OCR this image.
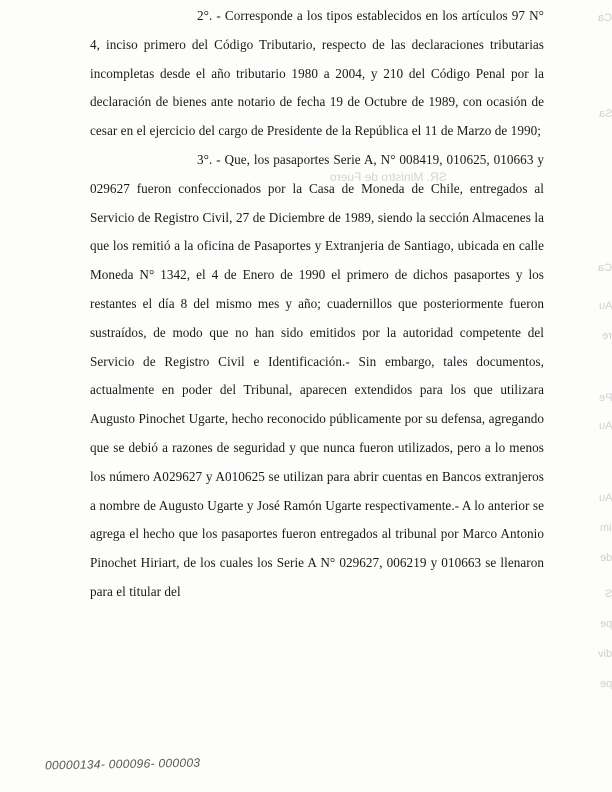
2°. - Corresponde a los tipos establecidos en los artículos 97 N° 4, inciso primero del Código Tributario, respecto de las declaraciones tributarias incompletas desde el año tributario 1980 a 2004, y 210 del Código Penal por la declaración de bienes ante notario de fecha 19 de Octubre de 1989, con ocasión de cesar en el ejercicio del cargo de Presidente de la República el 11 de Marzo de 1990;

3°. - Que, los pasaportes Serie A, N° 008419, 010625, 010663 y 029627 fueron confeccionados por la Casa de Moneda de Chile, entregados al Servicio de Registro Civil, 27 de Diciembre de 1989, siendo la sección Almacenes la que los remitió a la oficina de Pasaportes y Extranjeria de Santiago, ubicada en calle Moneda N° 1342, el 4 de Enero de 1990 el primero de dichos pasaportes y los restantes el día 8 del mismo mes y año; cuadernillos que posteriormente fueron sustraídos, de modo que no han sido emitidos por la autoridad competente del Servicio de Registro Civil e Identificación.- Sin embargo, tales documentos, actualmente en poder del Tribunal, aparecen extendidos para los que utilizara Augusto Pinochet Ugarte, hecho reconocido públicamente por su defensa, agregando que se debió a razones de seguridad y que nunca fueron utilizados, pero a lo menos los número A029627 y A010625 se utilizan para abrir cuentas en Bancos extranjeros a nombre de Augusto Ugarte y José Ramón Ugarte respectivamente.- A lo anterior se agrega el hecho que los pasaportes fueron entregados al tribunal por Marco Antonio Pinochet Hiriart, de los cuales los Serie A N° 029627, 006219 y 010663 se llenaron para el titular del

SR. Ministro de Fuero
Ca
Sa
Ca
Au
re
Pe
Au
Au
im
de
S
pe
div
pe
00000134- 000096- 000003
